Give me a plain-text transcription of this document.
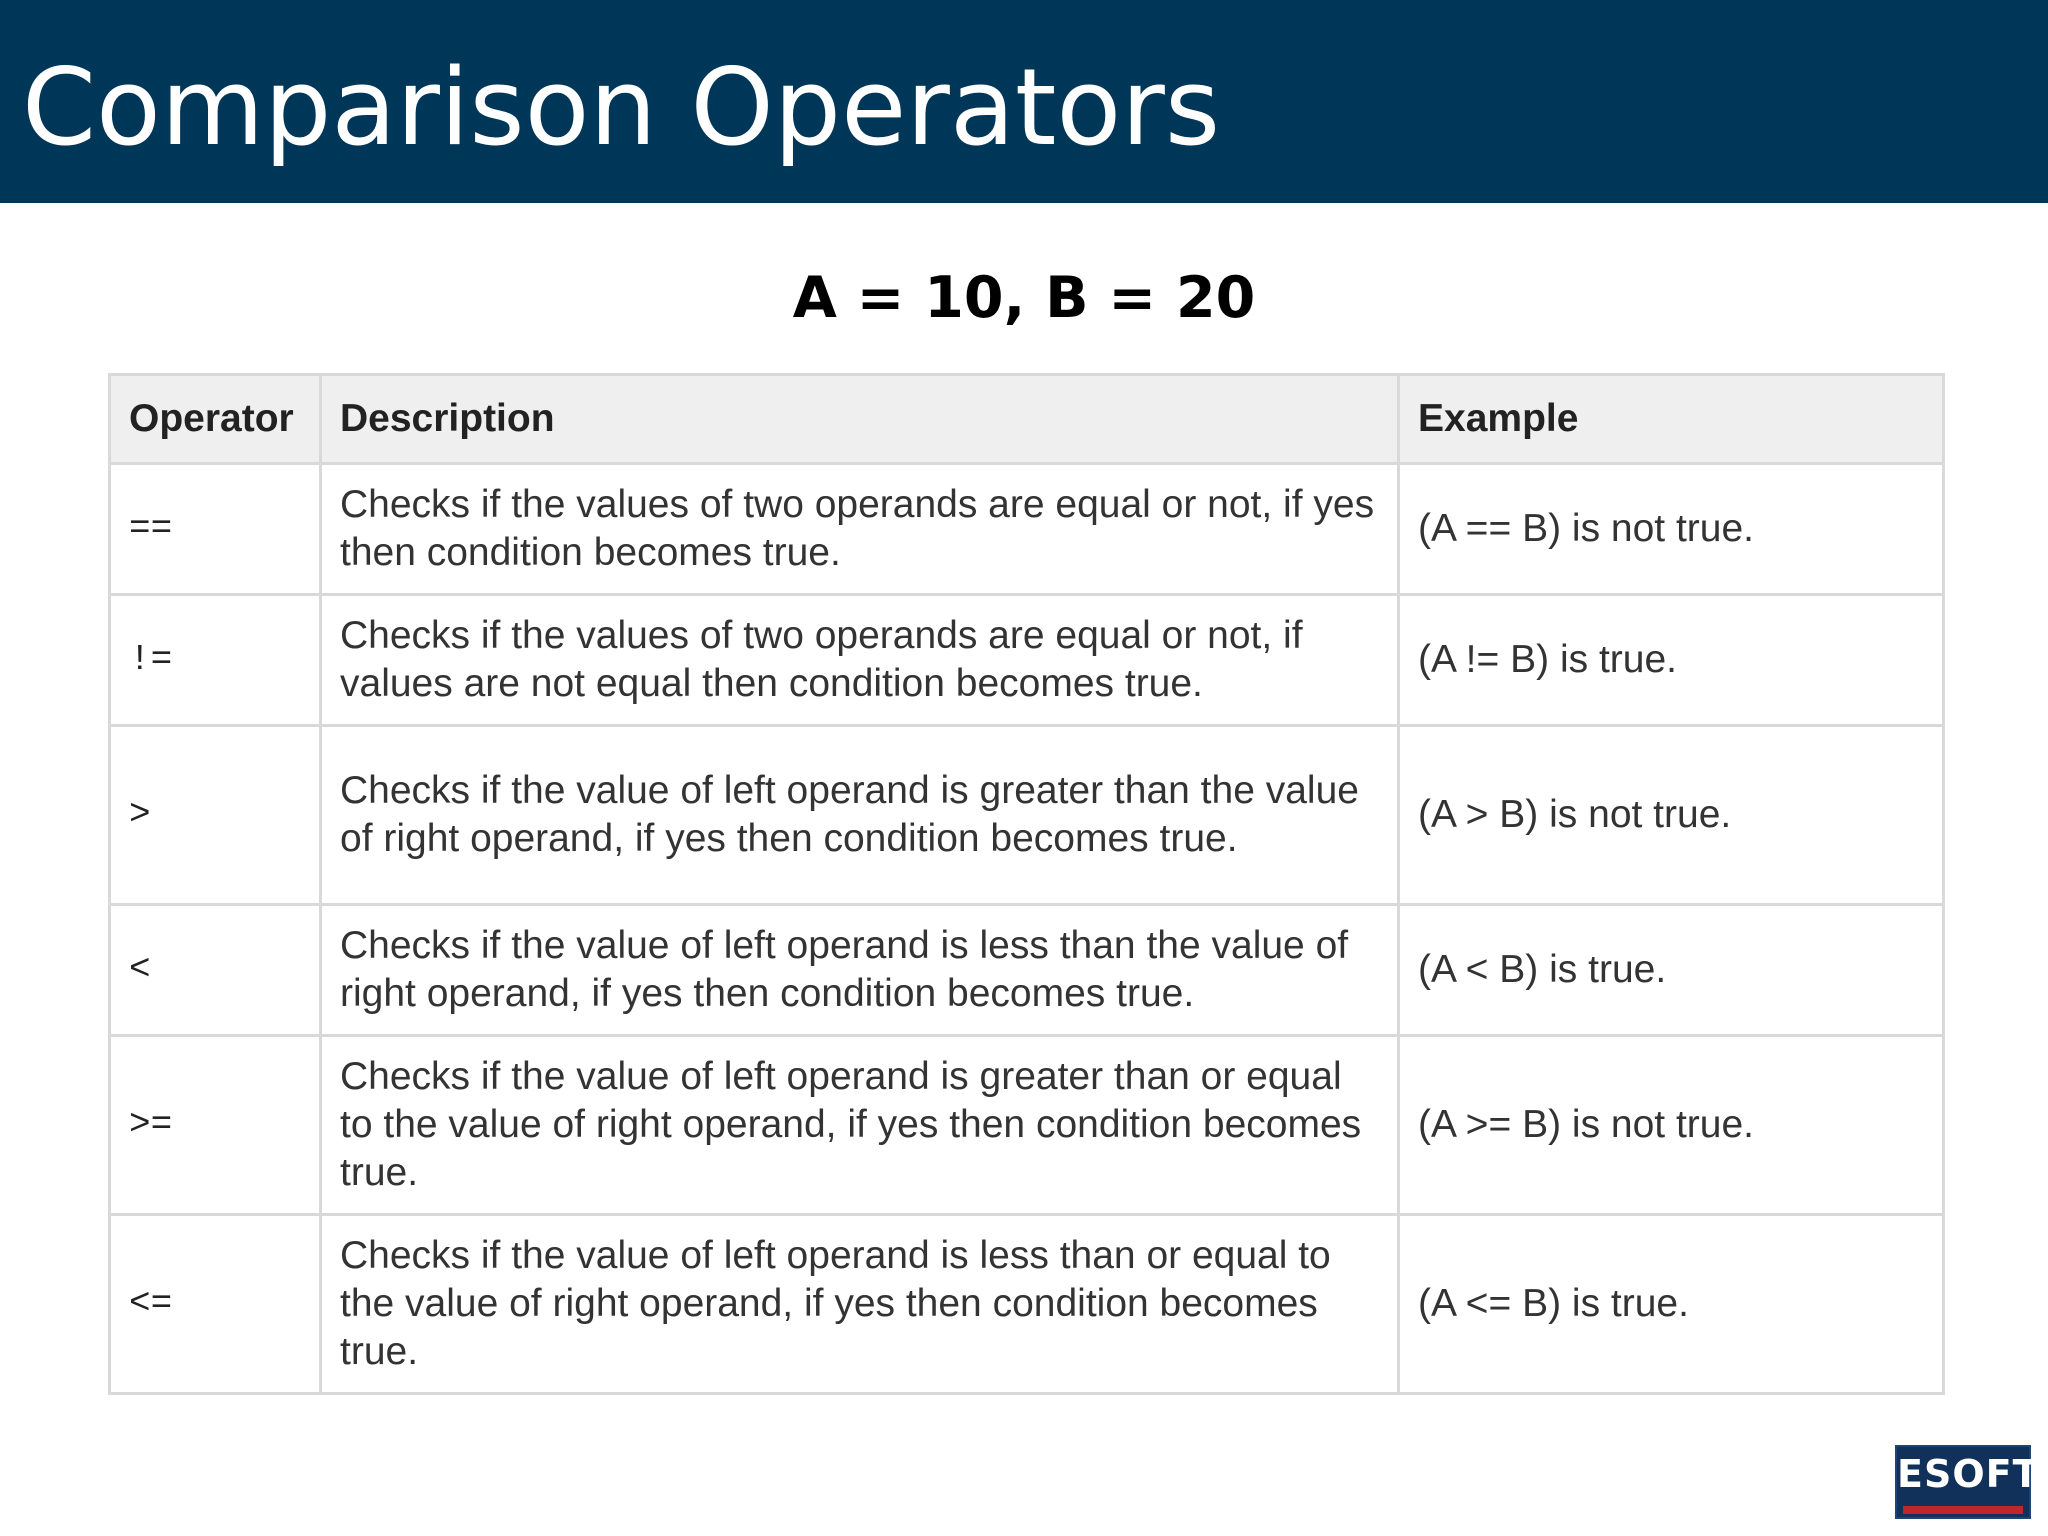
Comparison Operators
A = 10, B = 20
Operator	Description	Example
==	Checks if the values of two operands are equal or not, if yes then condition becomes true.	(A == B) is not true.
!=	Checks if the values of two operands are equal or not, if values are not equal then condition becomes true.	(A != B) is true.
>	Checks if the value of left operand is greater than the value of right operand, if yes then condition becomes true.	(A > B) is not true.
<	Checks if the value of left operand is less than the value of right operand, if yes then condition becomes true.	(A < B) is true.
>=	Checks if the value of left operand is greater than or equal to the value of right operand, if yes then condition becomes true.	(A >= B) is not true.
<=	Checks if the value of left operand is less than or equal to the value of right operand, if yes then condition becomes true.	(A <= B) is true.
ESOFT
